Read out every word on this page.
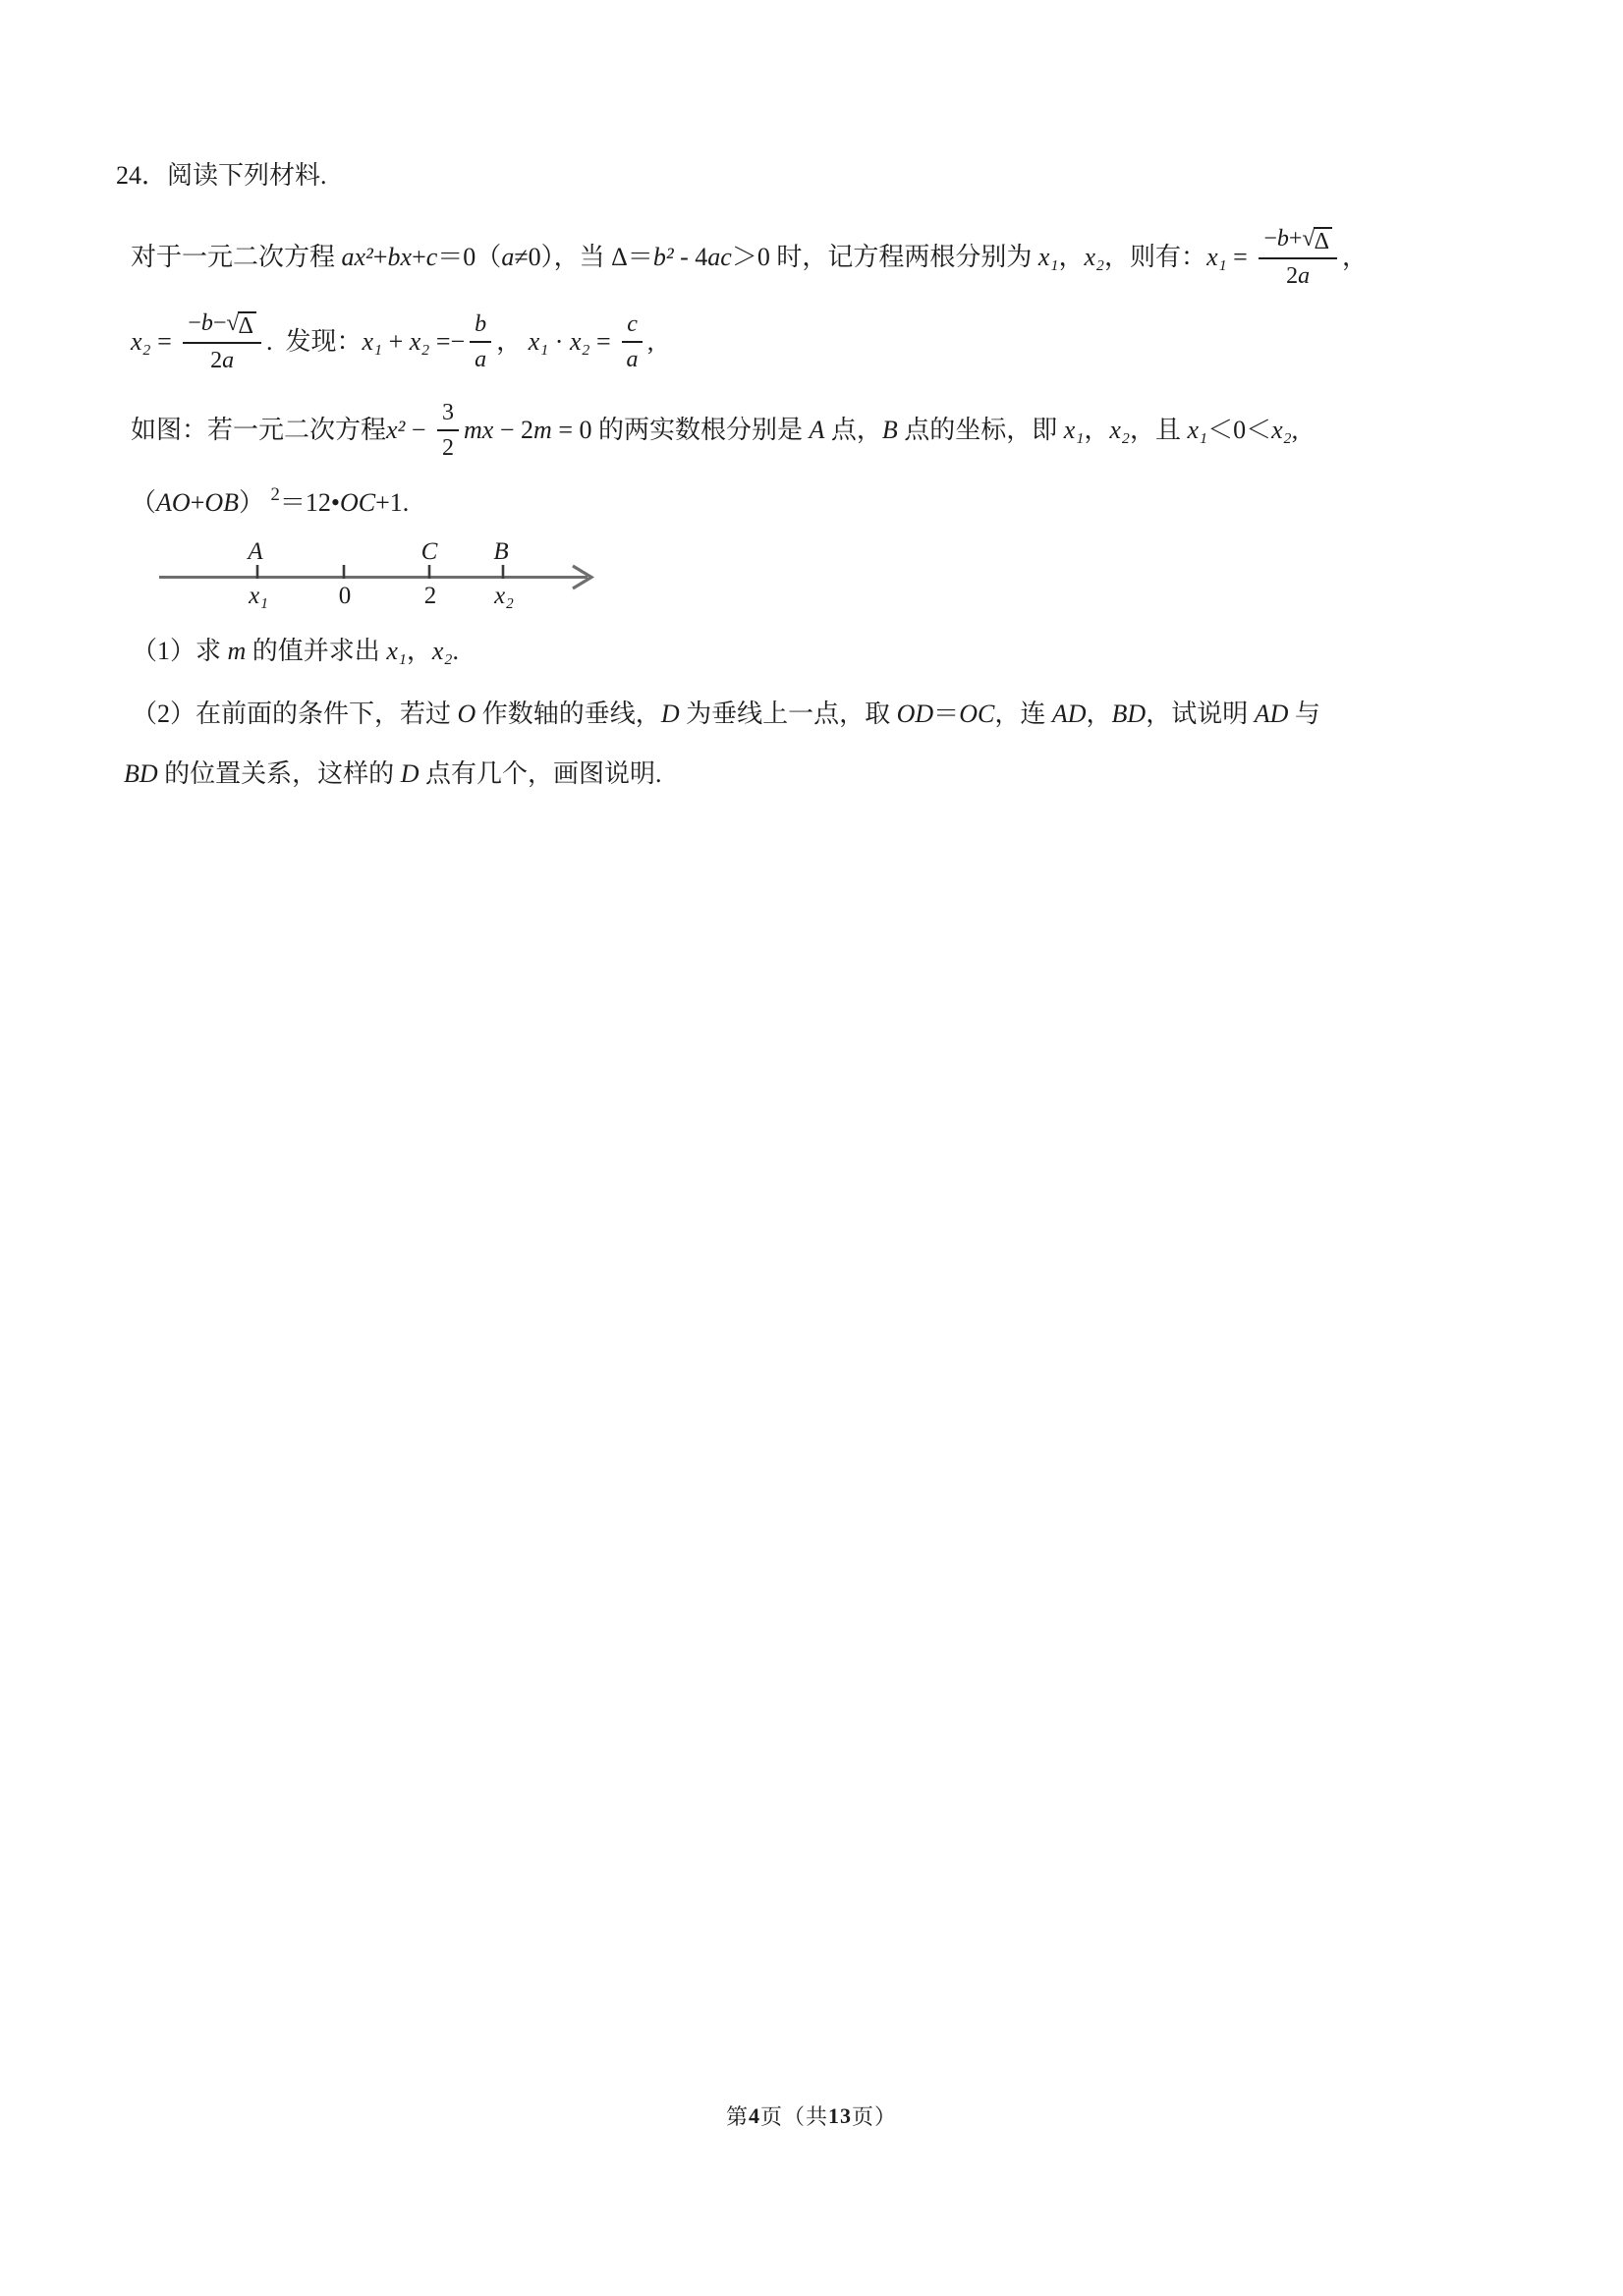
24． 阅读下列材料.
对于一元二次方程 ax² + bx + c ＝0（ a ≠0），当 Δ＝ b² - 4 ac ＞0 时，记方程两根分别为 x₁ ， x₂ ，则有： $x_1 = \frac{-b+ √ \Delta}{2a}$ ，
$x_2 = \frac{-b- √ \Delta}{2a}$ .  发现： $x_1 + x_2 =- \frac{b}{a}$ ， $x_1 \cdot x_2 = \frac{c}{a}$ ,
如图：若一元二次方程 $x^2 - \frac{3}{2}$ mx − 2 m = 0 的两实数根分别是 A 点， B 点的坐标，即 x₁ ， x₂ ，且 x₁ ＜0＜ x₂ ,
（ AO + OB ） 2 ＝12• OC +1.
A	C B
x₁	0	2 x₂
（1）求 m 的值并求出 x₁ ， x₂ .
（2）在前面的条件下，若过 O 作数轴的垂线， D 为垂线上一点，取 OD ＝ OC ，连 AD ， BD ，试说明 AD 与
BD 的位置关系，这样的 D 点有几个，画图说明.
第 4 页（共 13 页）
